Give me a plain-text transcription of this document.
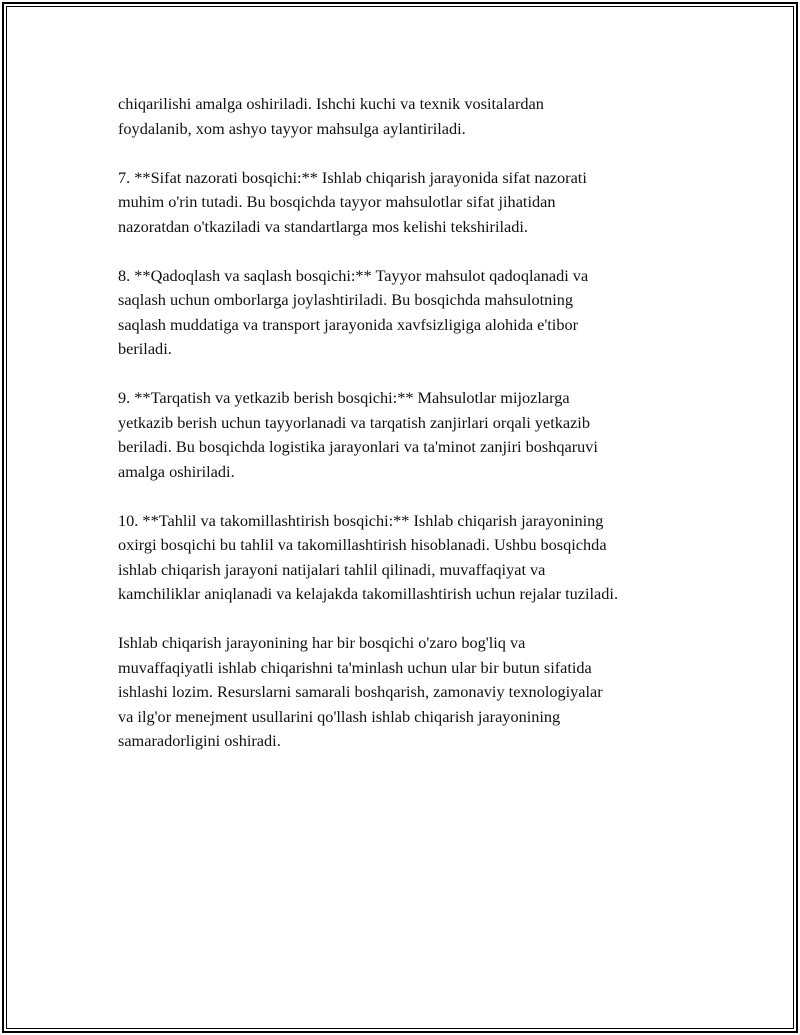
chiqarilishi amalga oshiriladi. Ishchi kuchi va texnik vositalardan
foydalanib, xom ashyo tayyor mahsulga aylantiriladi.

7. **Sifat nazorati bosqichi:** Ishlab chiqarish jarayonida sifat nazorati
muhim o'rin tutadi. Bu bosqichda tayyor mahsulotlar sifat jihatidan
nazoratdan o'tkaziladi va standartlarga mos kelishi tekshiriladi.

8. **Qadoqlash va saqlash bosqichi:** Tayyor mahsulot qadoqlanadi va
saqlash uchun omborlarga joylashtiriladi. Bu bosqichda mahsulotning
saqlash muddatiga va transport jarayonida xavfsizligiga alohida e'tibor
beriladi.

9. **Tarqatish va yetkazib berish bosqichi:** Mahsulotlar mijozlarga
yetkazib berish uchun tayyorlanadi va tarqatish zanjirlari orqali yetkazib
beriladi. Bu bosqichda logistika jarayonlari va ta'minot zanjiri boshqaruvi
amalga oshiriladi.

10. **Tahlil va takomillashtirish bosqichi:** Ishlab chiqarish jarayonining
oxirgi bosqichi bu tahlil va takomillashtirish hisoblanadi. Ushbu bosqichda
ishlab chiqarish jarayoni natijalari tahlil qilinadi, muvaffaqiyat va
kamchiliklar aniqlanadi va kelajakda takomillashtirish uchun rejalar tuziladi.

Ishlab chiqarish jarayonining har bir bosqichi o'zaro bog'liq va
muvaffaqiyatli ishlab chiqarishni ta'minlash uchun ular bir butun sifatida
ishlashi lozim. Resurslarni samarali boshqarish, zamonaviy texnologiyalar
va ilg'or menejment usullarini qo'llash ishlab chiqarish jarayonining
samaradorligini oshiradi.
